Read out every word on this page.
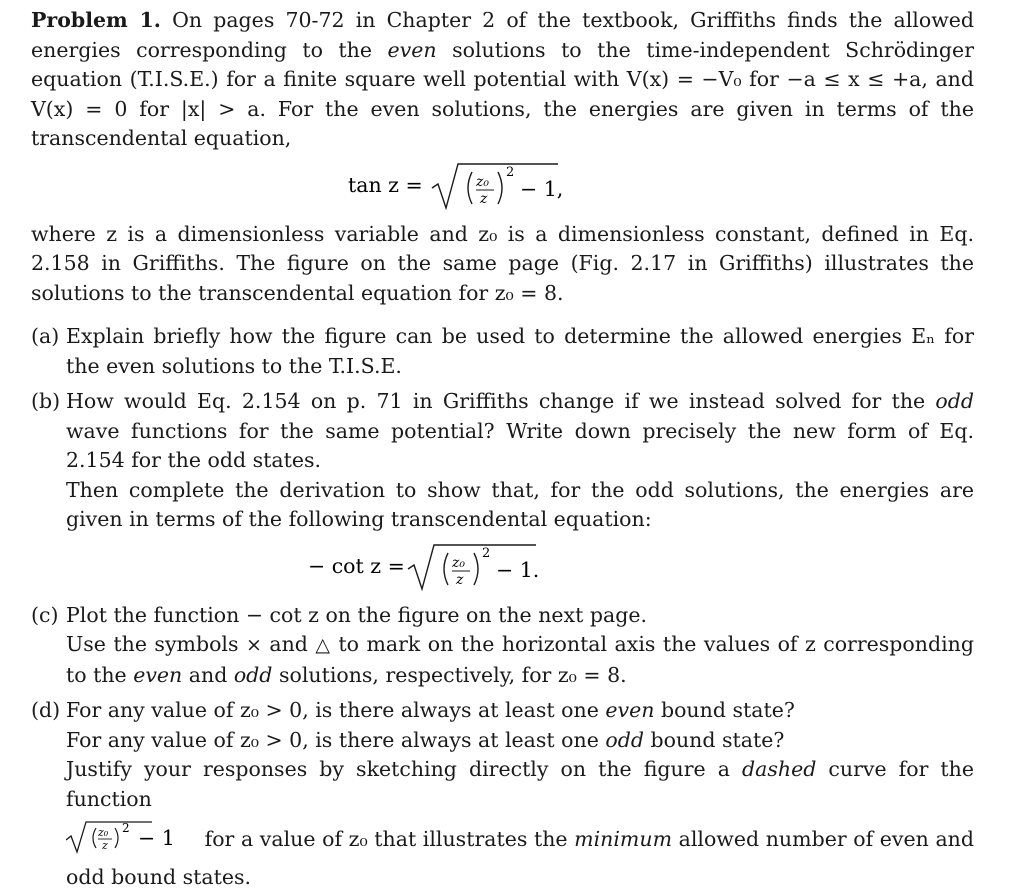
Problem 1. On pages 70-72 in Chapter 2 of the textbook, Griffiths finds the allowed energies corresponding to the even solutions to the time-independent Schrödinger equation (T.I.S.E.) for a finite square well potential with V(x) = −V₀ for −a ≤ x ≤ +a, and V(x) = 0 for |x| > a. For the even solutions, the energies are given in terms of the transcendental equation,

tan z =	z₀
z
2
− 1,

where z is a dimensionless variable and z₀ is a dimensionless constant, defined in Eq. 2.158 in Griffiths. The figure on the same page (Fig. 2.17 in Griffiths) illustrates the solutions to the transcendental equation for z₀ = 8.

(a) Explain briefly how the figure can be used to determine the allowed energies Eₙ for the even solutions to the T.I.S.E.

(b) How would Eq. 2.154 on p. 71 in Griffiths change if we instead solved for the odd wave functions for the same potential? Write down precisely the new form of Eq. 2.154 for the odd states.

Then complete the derivation to show that, for the odd solutions, the energies are given in terms of the following transcendental equation:

− cot z =	z₀
z
2
− 1.
(c) Plot the function − cot z on the figure on the next page.

Use the symbols × and △ to mark on the horizontal axis the values of z corresponding to the even and odd solutions, respectively, for z₀ = 8.

(d) For any value of z₀ > 0, is there always at least one even bound state?

For any value of z₀ > 0, is there always at least one odd bound state?

Justify your responses by sketching directly on the figure a dashed curve for the function

z₀
z
2 − 1 for a value of z₀ that illustrates the minimum allowed number of even and odd bound states.
